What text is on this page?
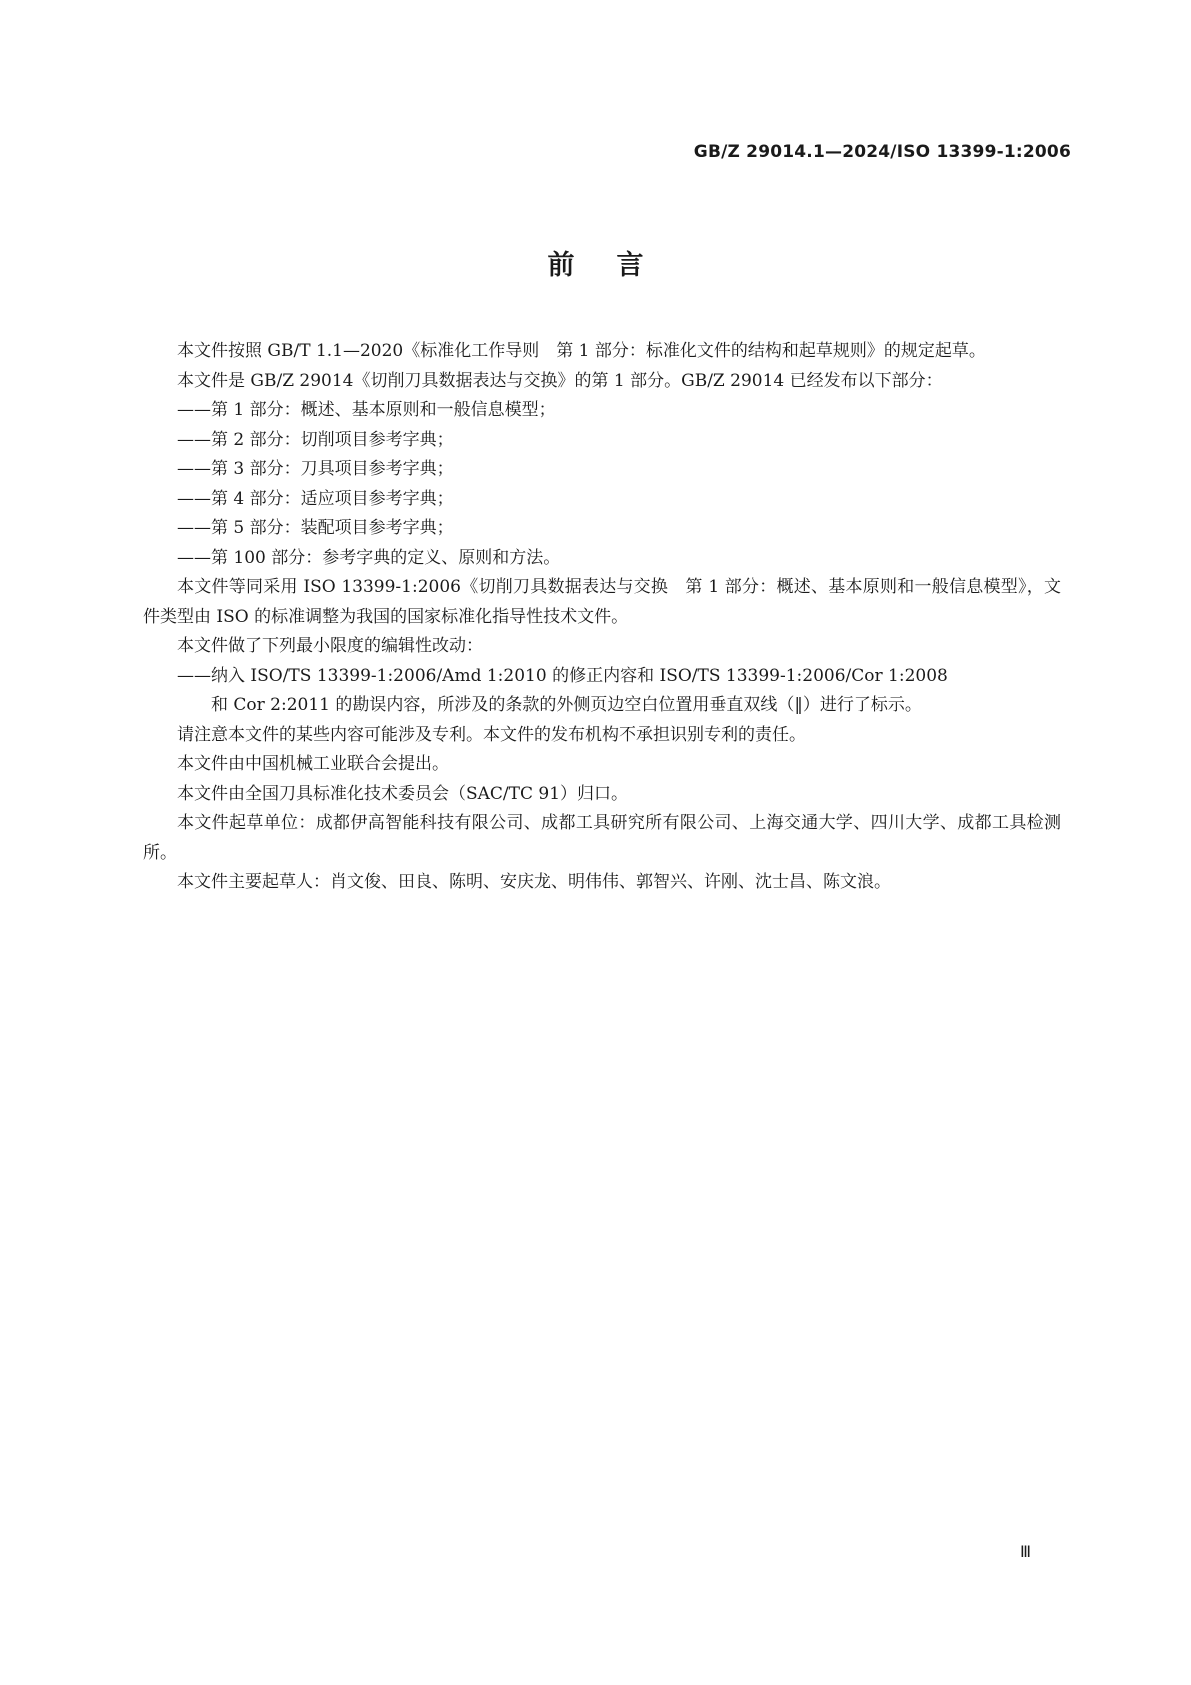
GB/Z 29014.1—2024/ISO 13399-1:2006
前言

本文件按照 GB/T 1.1—2020《标准化工作导则　第 1 部分：标准化文件的结构和起草规则》的规定起草。

本文件是 GB/Z 29014《切削刀具数据表达与交换》的第 1 部分。GB/Z 29014 已经发布以下部分：

——第 1 部分：概述、基本原则和一般信息模型；

——第 2 部分：切削项目参考字典；

——第 3 部分：刀具项目参考字典；

——第 4 部分：适应项目参考字典；

——第 5 部分：装配项目参考字典；

——第 100 部分：参考字典的定义、原则和方法。

本文件等同采用 ISO 13399-1:2006《切削刀具数据表达与交换　第 1 部分：概述、基本原则和一般信息模型》，文件类型由 ISO 的标准调整为我国的国家标准化指导性技术文件。

本文件做了下列最小限度的编辑性改动：

——纳入 ISO/TS 13399-1:2006/Amd 1:2010 的修正内容和 ISO/TS 13399-1:2006/Cor 1:2008

和 Cor 2:2011 的勘误内容，所涉及的条款的外侧页边空白位置用垂直双线（‖）进行了标示。

请注意本文件的某些内容可能涉及专利。本文件的发布机构不承担识别专利的责任。

本文件由中国机械工业联合会提出。

本文件由全国刀具标准化技术委员会（SAC/TC 91）归口。

本文件起草单位：成都伊高智能科技有限公司、成都工具研究所有限公司、上海交通大学、四川大学、成都工具检测所。

本文件主要起草人：肖文俊、田良、陈明、安庆龙、明伟伟、郭智兴、许刚、沈士昌、陈文浪。

Ⅲ
